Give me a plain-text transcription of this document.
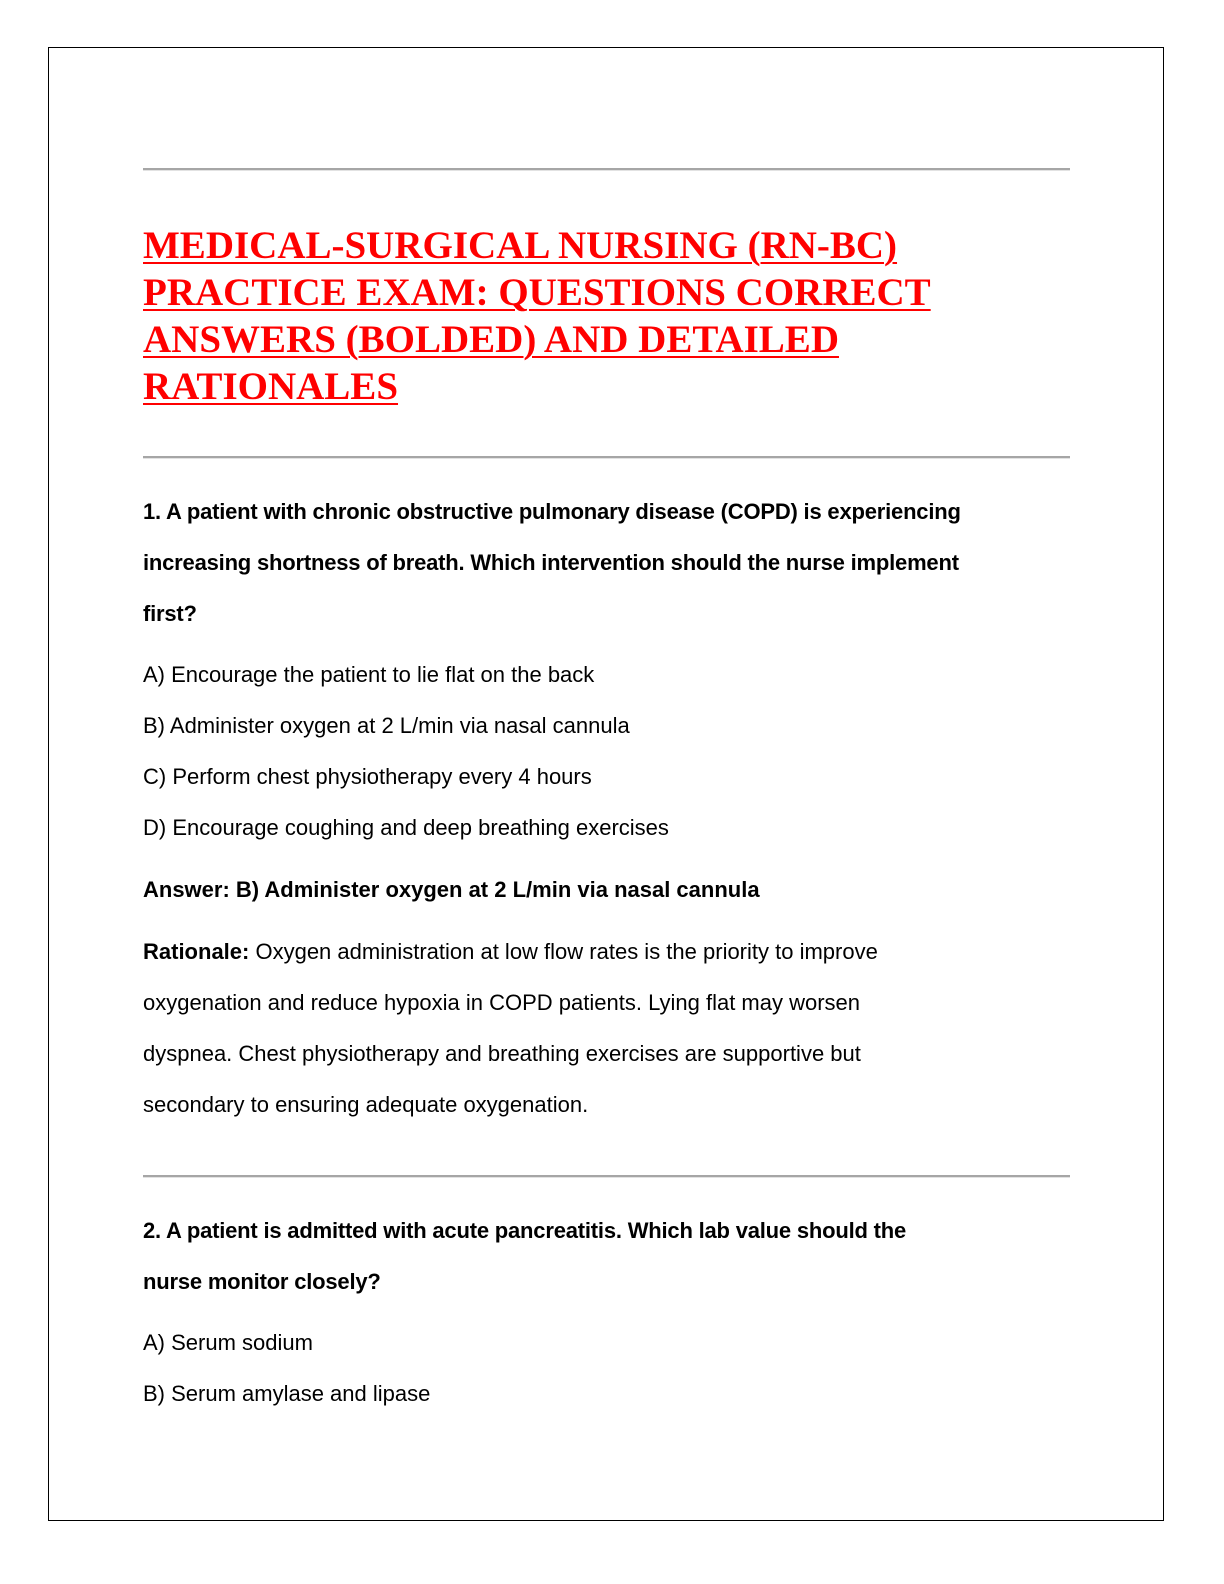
MEDICAL-SURGICAL NURSING (RN-BC)
PRACTICE EXAM: QUESTIONS CORRECT
ANSWERS (BOLDED) AND DETAILED
RATIONALES
1. A patient with chronic obstructive pulmonary disease (COPD) is experiencing
increasing shortness of breath. Which intervention should the nurse implement
first?
A) Encourage the patient to lie flat on the back
B) Administer oxygen at 2 L/min via nasal cannula
C) Perform chest physiotherapy every 4 hours
D) Encourage coughing and deep breathing exercises
Answer: B) Administer oxygen at 2 L/min via nasal cannula
Rationale: Oxygen administration at low flow rates is the priority to improve
oxygenation and reduce hypoxia in COPD patients. Lying flat may worsen
dyspnea. Chest physiotherapy and breathing exercises are supportive but
secondary to ensuring adequate oxygenation.
2. A patient is admitted with acute pancreatitis. Which lab value should the
nurse monitor closely?
A) Serum sodium
B) Serum amylase and lipase
